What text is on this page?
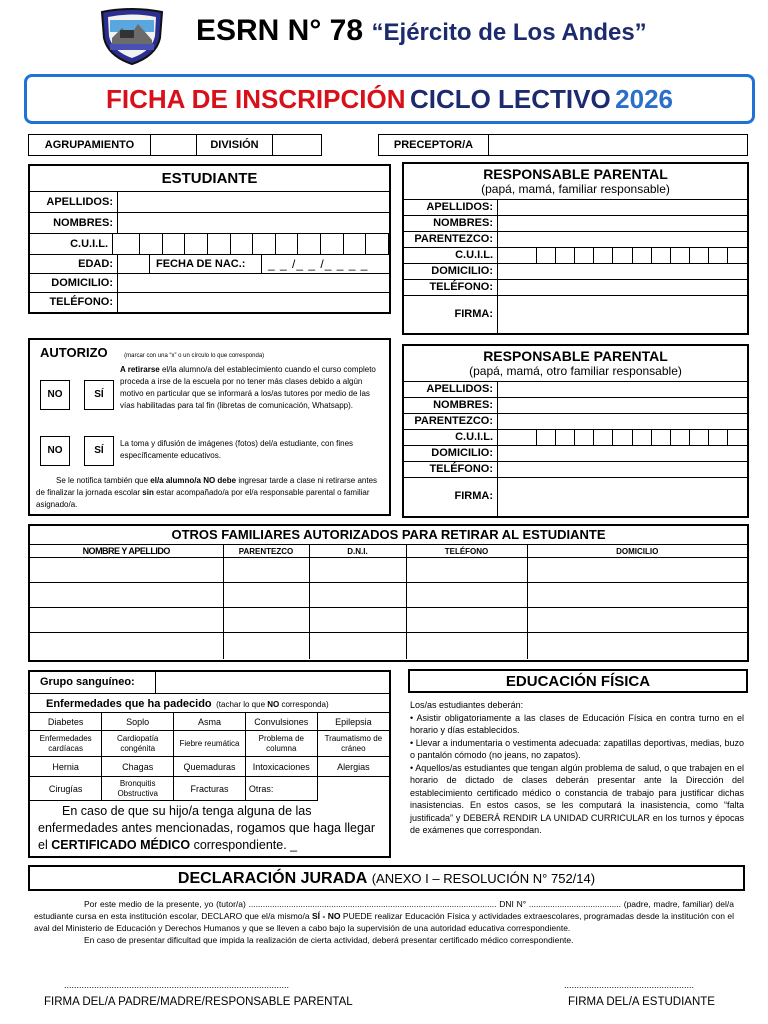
ESRN N° 78 “Ejército de Los Andes”
FICHA DE INSCRIPCIÓN CICLO LECTIVO 2026
AGRUPAMIENTO	DIVISIÓN	PRECEPTOR/A
ESTUDIANTE
APELLIDOS:
NOMBRES:
C.U.I.L.
EDAD:	FECHA DE NAC.:	_ _ /_ _ /_ _ _ _
DOMICILIO:
TELÉFONO:
RESPONSABLE PARENTAL
(papá, mamá, familiar responsable)
APELLIDOS:
NOMBRES:
PARENTEZCO:
C.U.I.L.
DOMICILIO:
TELÉFONO:
FIRMA:
AUTORIZO	(marcar con una “x” o un círculo lo que corresponda)
NO	SÍ
A retirarse el/la alumno/a del establecimiento cuando el curso completo proceda a irse de la escuela por no tener más clases debido a algún motivo en particular que se informará a los/as tutores por medio de las vías habilitadas para tal fin (libretas de comunicación, Whatsapp).
NO	SÍ
La toma y difusión de imágenes (fotos) del/a estudiante, con fines específicamente educativos.
Se le notifica también que el/a alumno/a NO debe ingresar tarde a clase ni retirarse antes de finalizar la jornada escolar sin estar acompañado/a por el/a responsable parental o familiar asignado/a.
RESPONSABLE PARENTAL
(papá, mamá, otro familiar responsable)
APELLIDOS:
NOMBRES:
PARENTEZCO:
C.U.I.L.
DOMICILIO:
TELÉFONO:
FIRMA:
OTROS FAMILIARES AUTORIZADOS PARA RETIRAR AL ESTUDIANTE
NOMBRE Y APELLIDO	PARENTEZCO	D.N.I.	TELÉFONO	DOMICILIO

Grupo sanguíneo:
Enfermedades que ha padecido (tachar lo que NO corresponda)
Diabetes	Soplo	Asma	Convulsiones	Epilepsia
Enfermedades cardíacas	Cardiopatía congénita	Fiebre reumática	Problema de columna	Traumatismo de cráneo
Hernia	Chagas	Quemaduras	Intoxicaciones	Alergias
Cirugías	Bronquitis Obstructiva	Fracturas	Otras:	
En caso de que su hijo/a tenga alguna de las enfermedades antes mencionadas, rogamos que haga llegar el CERTIFICADO MÉDICO correspondiente. _
EDUCACIÓN FÍSICA
Los/as estudiantes deberán:
• Asistir obligatoriamente a las clases de Educación Física en contra turno en el horario y días establecidos.
• Llevar a indumentaria o vestimenta adecuada: zapatillas deportivas, medias, buzo o pantalón cómodo (no jeans, no zapatos).
• Aquellos/as estudiantes que tengan algún problema de salud, o que trabajen en el horario de dictado de clases deberán presentar ante la Dirección del establecimiento certificado médico o constancia de trabajo para justificar dichas inasistencias. En estos casos, se les computará la inasistencia, como “falta justificada” y DEBERÁ RENDIR LA UNIDAD CURRICULAR en los turnos y épocas de exámenes que correspondan.
DECLARACIÓN JURADA (ANEXO I – RESOLUCIÓN N° 752/14)

Por este medio de la presente, yo (tutor/a) ......................................................................................................... DNI N° ....................................... (padre, madre, familiar) del/a estudiante cursa en esta institución escolar, DECLARO que el/a mismo/a SÍ - NO PUEDE realizar Educación Física y actividades extraescolares, programadas desde la institución con el aval del Ministerio de Educación y Derechos Humanos y que se lleven a cabo bajo la supervisión de una autoridad educativa correspondiente.

En caso de presentar dificultad que impida la realización de cierta actividad, deberá presentar certificado médico correspondiente.

..........................................................................................
FIRMA DEL/A PADRE/MADRE/RESPONSABLE PARENTAL
....................................................
FIRMA DEL/A ESTUDIANTE
